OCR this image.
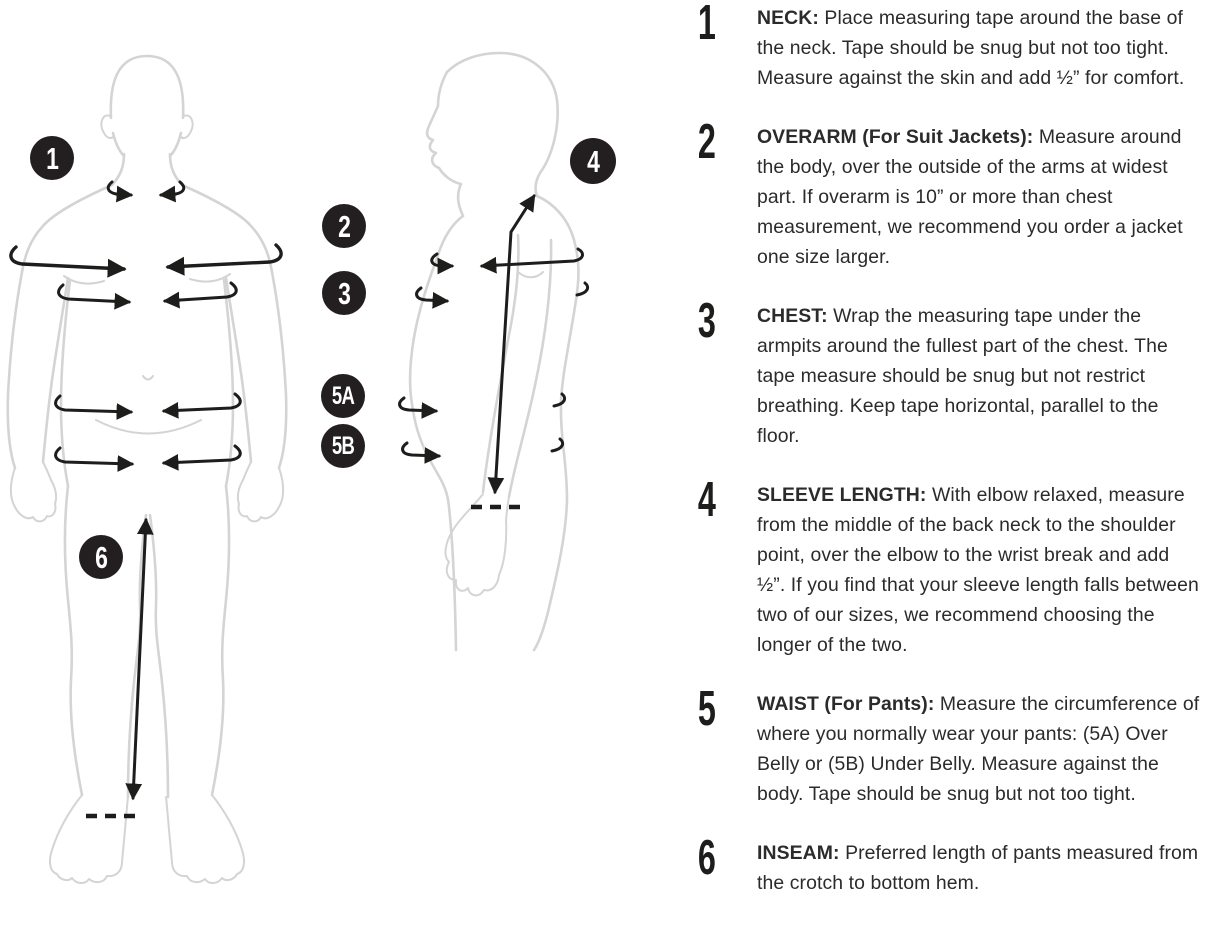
1
2
3
4
5A
5B
6
1	NECK: Place measuring tape around the base of the neck. Tape should be snug but not too tight. Measure against the skin and add ½” for comfort.
2	OVERARM (For Suit Jackets): Measure around the body, over the outside of the arms at widest part. If overarm is 10” or more than chest measurement, we recommend you order a jacket one size larger.
3	CHEST: Wrap the measuring tape under the armpits around the fullest part of the chest. The tape measure should be snug but not restrict breathing. Keep tape horizontal, parallel to the floor.
4	SLEEVE LENGTH: With elbow relaxed, measure from the middle of the back neck to the shoulder point, over the elbow to the wrist break and add ½”. If you find that your sleeve length falls between two of our sizes, we recommend choosing the longer of the two.
5	WAIST (For Pants): Measure the circumference of where you normally wear your pants: (5A) Over Belly or (5B) Under Belly. Measure against the body. Tape should be snug but not too tight.
6	INSEAM: Preferred length of pants measured from the crotch to bottom hem.
